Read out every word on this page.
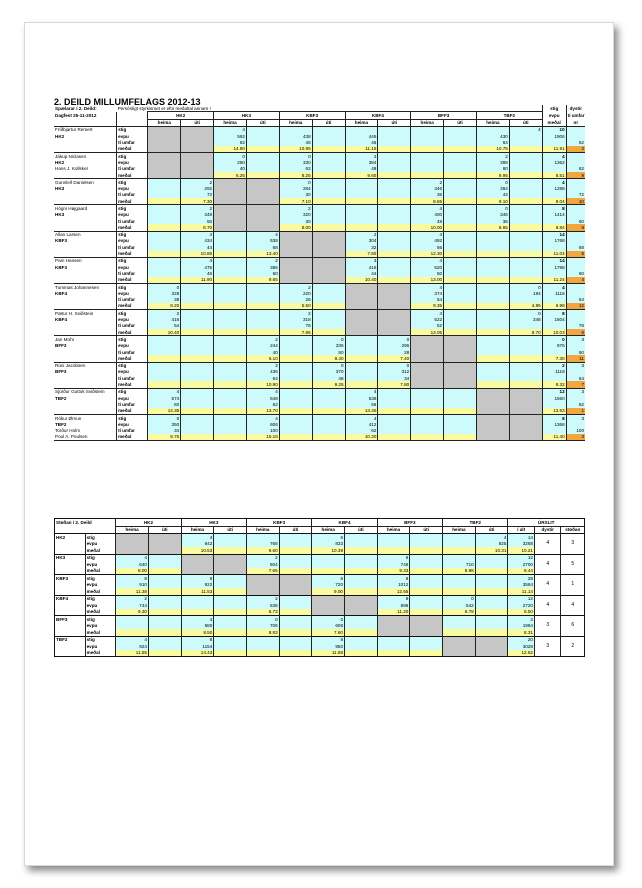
2. DEILD MILLUMFELAGS 2012-13
Spælarar í 2. Deild:	Persónligt styrkismet er eftir meðaltal annars !													stig	dystir
Dagfest 25-11-2012		HK2		HK3		KBF3		KBF4		BFF3		TBF2		evpu	tí umfar
		heima	úti	heima	úti	heima	úti	heima	úti	heima	úti	heima	úti	meðal	nr
Fríðbjartur Remert	stig			4									4	10	
HK2	evpu			592		438		446				430		1906	
	tí umfar			82		46		46				64			62
	meðal			14.80		10.95		11.15				10.75		11.91	2
Jákup Niclasen	stig			0		0		2				2		4	
HK2	evpu			250		330		384				398		1362	
Hans J. Kollsker	tí umfar			40		62		48				60			62
	meðal			6.25		8.25		9.60				9.95		8.51	9
Gunnleif Danielsen	stig		2			0				2		0		4	
HK3	evpu		292			284				346		364		1288	
	tí umfar		72			30				36		44			72
	meðal		7.30			7.10				8.65		9.10		8.04	10
Hógni Højgaard	stig		2			2				4		0		8	
HK3	evpu		348			320				400		346		1414	
	tí umfar		50			30				48		36			60
	meðal		8.70			8.00				10.00		8.65		8.84	8
Allan Larsen	stig		4		4			2		4				14	
KBF3	evpu		434		538			304		492				1768	
	tí umfar		44		68			32		56					68
	meðal		10.85		13.40			7.60		12.30				11.04	5
Pam Hansen	stig		4		2			4		4				14	
KBF3	evpu		476		386			416		520				1798	
	tí umfar		46		60			44		50					60
	meðal		11.90		9.65			10.40		13.00				11.24	4
Tummas Johannesen	stig	0				2				4			0	4	
KBF4	evpu	328				220				374			194	1116	
	tí umfar	38				26				54					54
	meðal	8.20				5.50				9.35			4.85	6.98	12
Pætur H. Sviðstein	stig	2				2				4			0	8	
KBF4	evpu	416				318				522			348	1604	
	tí umfar	54				78				52					78
	meðal	10.40				7.95				13.05			8.70	10.03	6
Jan Mohr	stig				2		0		0					0	3
BFF3	evpu				244		336		296					876	
	tí umfar				40		50		28						50
	meðal				6.10		8.40		7.40					7.30	11
Rúni Jacobsen	stig				2		0		0					2	3
BFF3	evpu				436		370		312					1118	
	tí umfar				64		48		34						64
	meðal				10.90		9.25		7.80					9.32	7
Sjúrður Guttok Sviðstein	stig	4			4			4						12	3
TBF2	evpu	574			548			538						1660	
	tí umfar	60			62			56							62
	meðal	14.35			13.70			13.45						13.83	1
Rókur Ørnun	stig	0			4			4						8	3
TBF2	evpu	350			606			412						1368	
Torður Holm	tí umfar	34			100			62							100
Poul A. Poulsen	meðal	8.75			15.15			10.30						11.40	3

Støðan í 2. Deild		HK2		HK3		KBF3		KBF4		BFF3		TBF2		ÚRSLIT		
		heima	úti	heima	úti	heima	úti	heima	úti	heima	úti	heima	úti	í alt	dystir	støðan
HK2	stig			4				6					4	14	4	3
	evpu			842		768		833					825	3268		
	meðal			10.53		9.60		10.39					10.31	10.21		
HK3	stig	4				2				6				12	4	5
	evpu	640				604				746		710		2700		
	meðal	8.00				7.65				9.33		8.88		8.44		
KBF3	stig	8		8				6		8				28	4	1
	evpu	910		922				720		1012				3564		
	meðal	11.38		11.53				9.00		12.65				11.14		
KBF4	stig	2				2				8		0		12	4	4
	evpu	744				538				896		542		2720		
	meðal	9.30				6.73				11.20		6.78		8.50		
BFF3	stig			4		0		0						2	3	6
	evpu			680		706		608						1994		
	meðal			8.50		8.83		7.60						8.31		
TBF2	stig	4		8				8						20	3	2
	evpu	924		1154				950						3028		
	meðal	11.55		14.43				11.88						12.62		
